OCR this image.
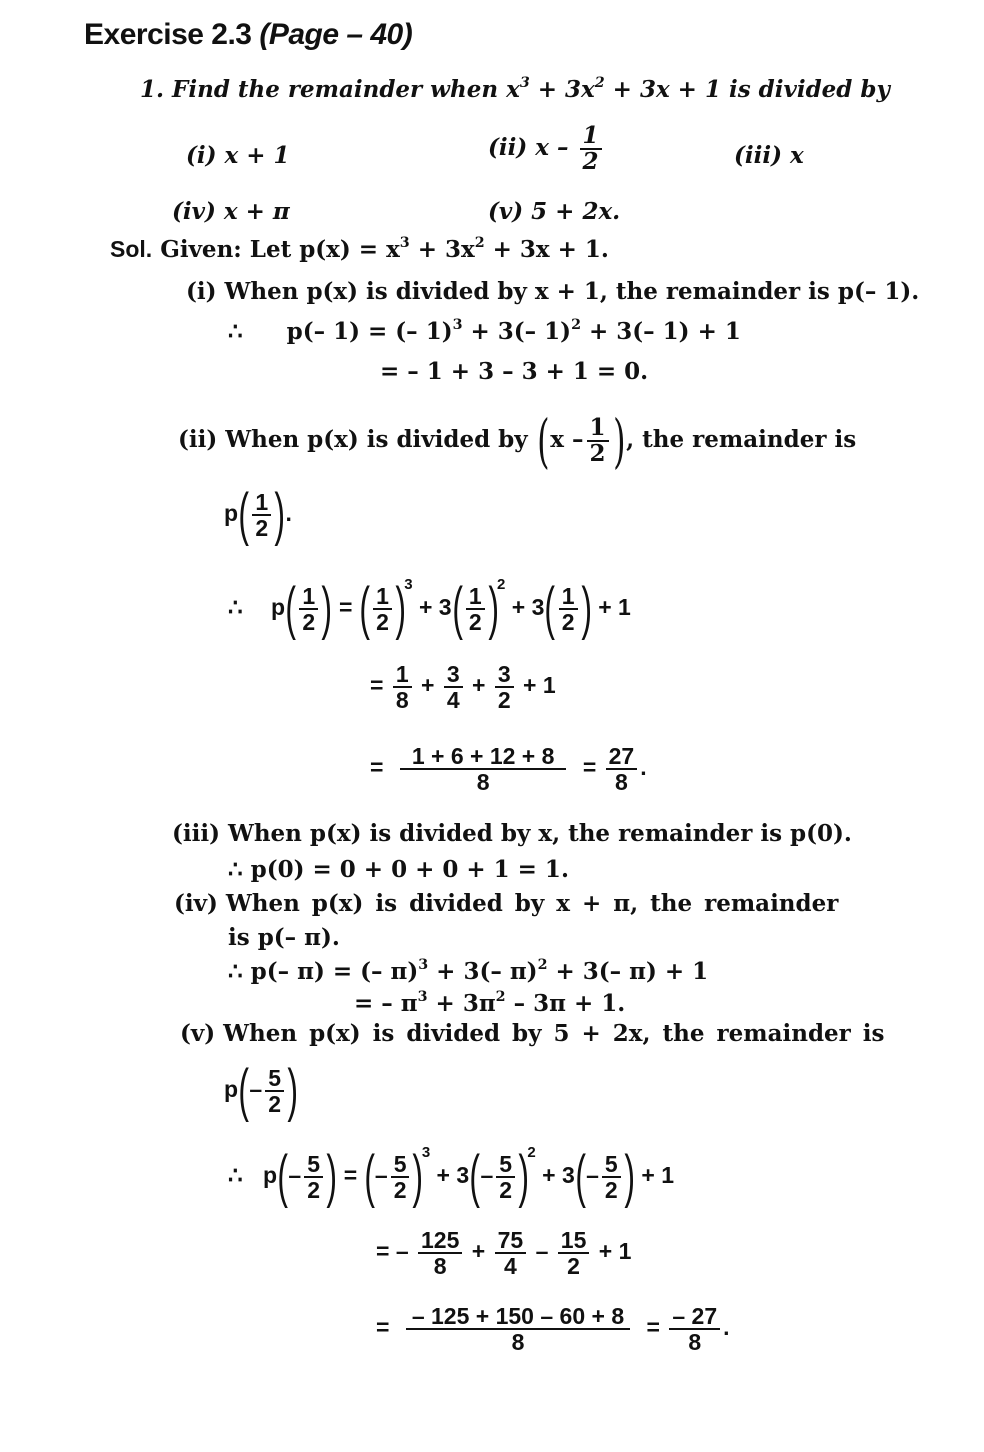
Exercise 2.3 (Page – 40)
1. Find the remainder when $x^3 + 3x^2 + 3x + 1$ is divided by
(i) x + 1	(ii) x – $\frac{1}{2}$	(iii) x
(iv) x + π	(v) 5 + 2x.
Sol. Given: Let $p(x) = x^3 + 3x^2 + 3x + 1$.
(i) When p(x) is divided by x + 1, the remainder is p(– 1).
∴ p(– 1) = (– 1)$^3$ + 3(– 1)$^2$ + 3(– 1) + 1
= – 1 + 3 – 3 + 1 = 0.
(ii) When p(x) is divided by ($x - \frac{1}{2}$ ), the remainder is
$p( \frac{1}{2}$ ).
∴ $p( \frac{1}{2}$ ) = ( $\frac{1}{2} )^3 + 3( \frac{1}{2} )^2 + 3( \frac{1}{2}$ ) + 1
= $\frac{1}{8} + \frac{3}{4} + \frac{3}{2} + 1$
= $\frac{1 + 6 + 12 + 8}{8} = \frac{27}{8}$ .
(iii) When p(x) is divided by x, the remainder is p(0).
∴ p(0) = 0 + 0 + 0 + 1 = 1.
(iv) When p(x) is divided by x + π, the remainder
is p(– π).
∴ p(– π) = (– π)$^3$ + 3(– π)$^2$ + 3(– π) + 1
= – $\pi^3 + 3\pi^2 - 3\pi + 1$.
(v) When p(x) is divided by 5 + 2x, the remainder is
$p(- \frac{5}{2}$ )
∴ $p(- \frac{5}{2}$ ) = (– $\frac{5}{2} )^3 + 3(- \frac{5}{2} )^2 + 3(- \frac{5}{2}$ ) + 1
= – $\frac{125}{8} + \frac{75}{4} - \frac{15}{2} + 1$
= $\frac{- 125 + 150 - 60 + 8}{8} = \frac{- 27}{8}$ .
